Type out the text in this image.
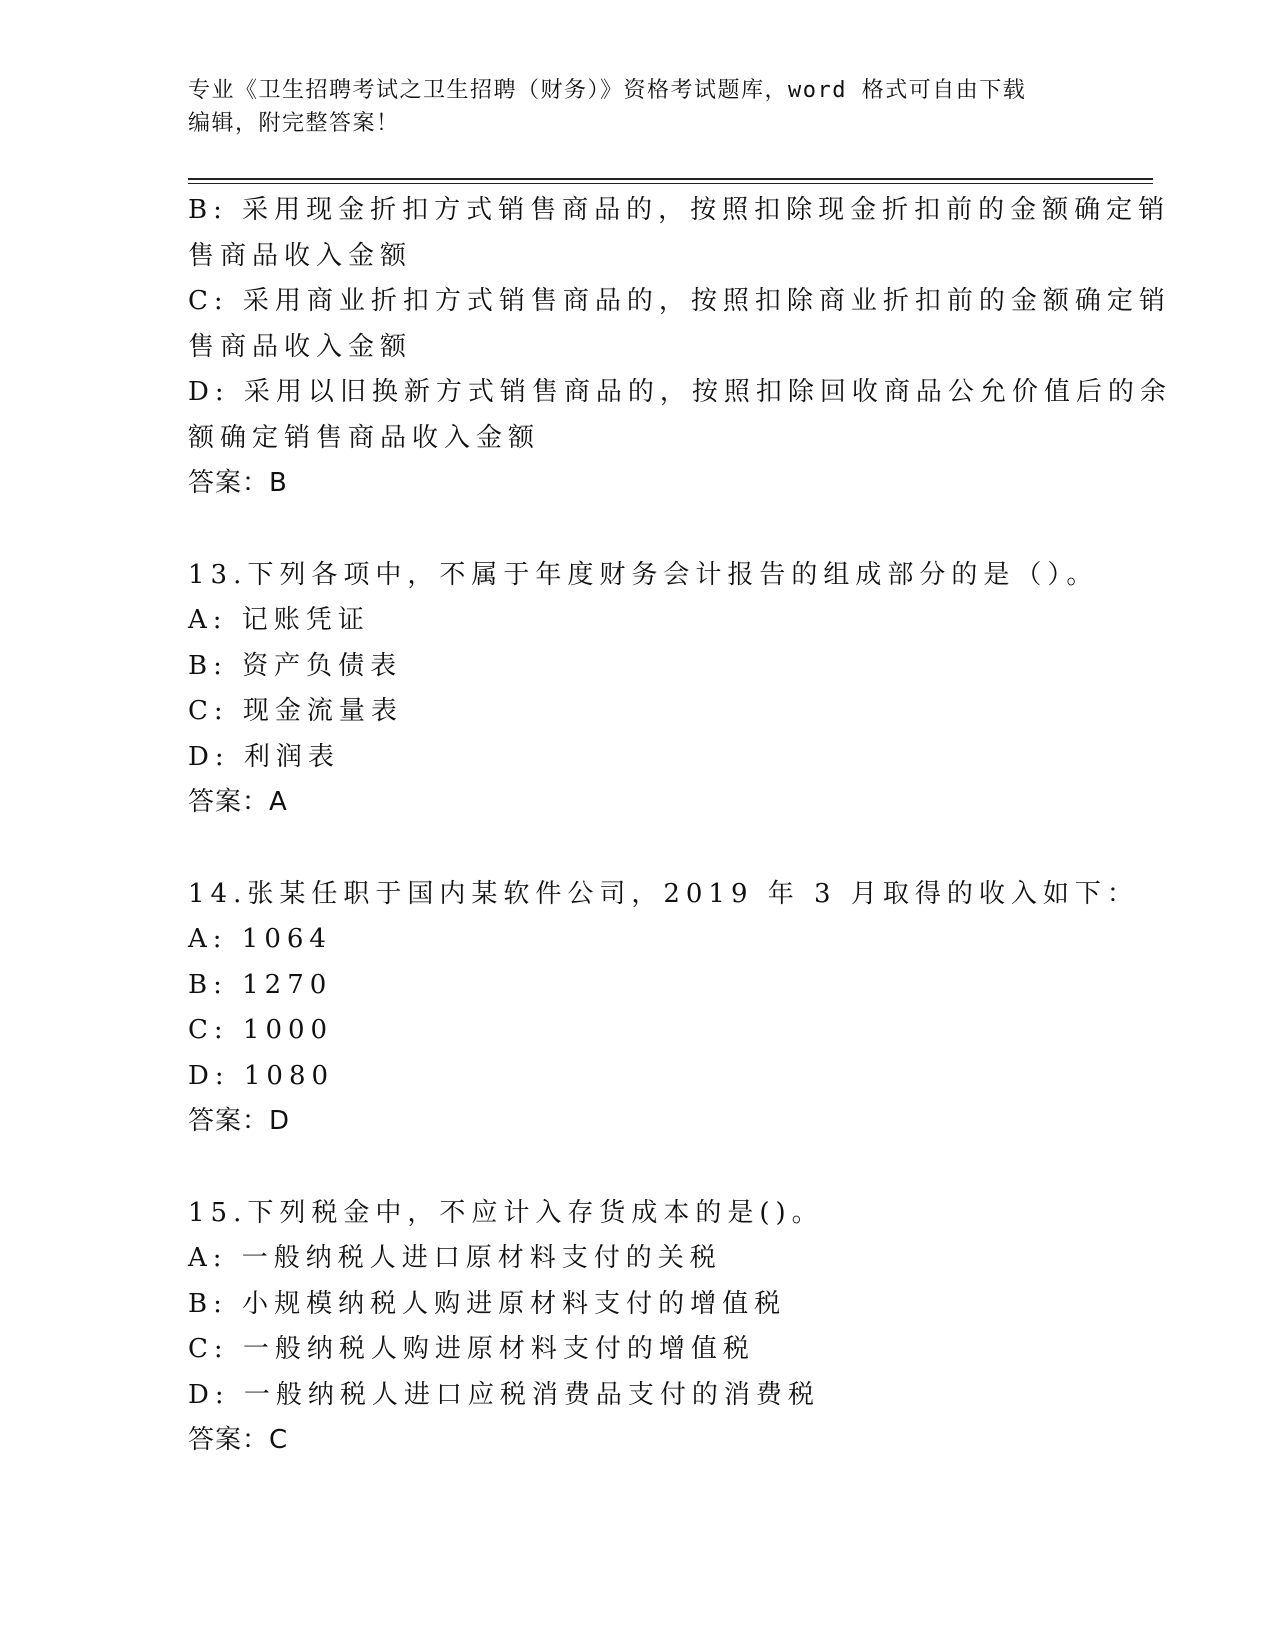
专业《卫生招聘考试之卫生招聘（财务）》资格考试题库，word 格式可自由下载
编辑，附完整答案！
B: 采用现金折扣方式销售商品的，按照扣除现金折扣前的金额确定销
售商品收入金额
C: 采用商业折扣方式销售商品的，按照扣除商业折扣前的金额确定销
售商品收入金额
D: 采用以旧换新方式销售商品的，按照扣除回收商品公允价值后的余
额确定销售商品收入金额
答案：B
13.下列各项中，不属于年度财务会计报告的组成部分的是（）。
A: 记账凭证
B: 资产负债表
C: 现金流量表
D: 利润表
答案：A
14.张某任职于国内某软件公司，2019 年 3 月取得的收入如下：
A: 1064
B: 1270
C: 1000
D: 1080
答案：D
15.下列税金中，不应计入存货成本的是()。
A: 一般纳税人进口原材料支付的关税
B: 小规模纳税人购进原材料支付的增值税
C: 一般纳税人购进原材料支付的增值税
D: 一般纳税人进口应税消费品支付的消费税
答案：C
